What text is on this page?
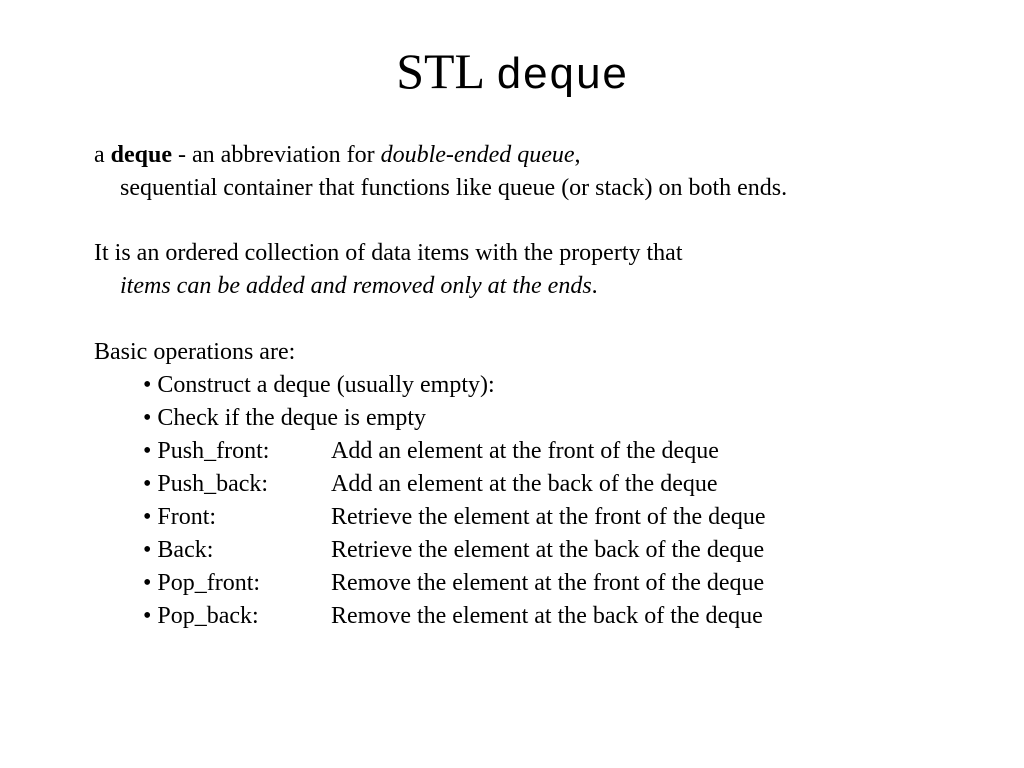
STL deque
a deque - an abbreviation for double-ended queue,
sequential container that functions like queue (or stack) on both ends.
It is an ordered collection of data items with the property that
items can be added and removed only at the ends.
Basic operations are:
• Construct a deque (usually empty):
• Check if the deque is empty
• Push_front:	Add an element at the front of the deque
• Push_back:	Add an element at the back of the deque
• Front:	Retrieve the element at the front of the deque
• Back:	Retrieve the element at the back of the deque
• Pop_front:	Remove the element at the front of the deque
• Pop_back:	Remove the element at the back of the deque
